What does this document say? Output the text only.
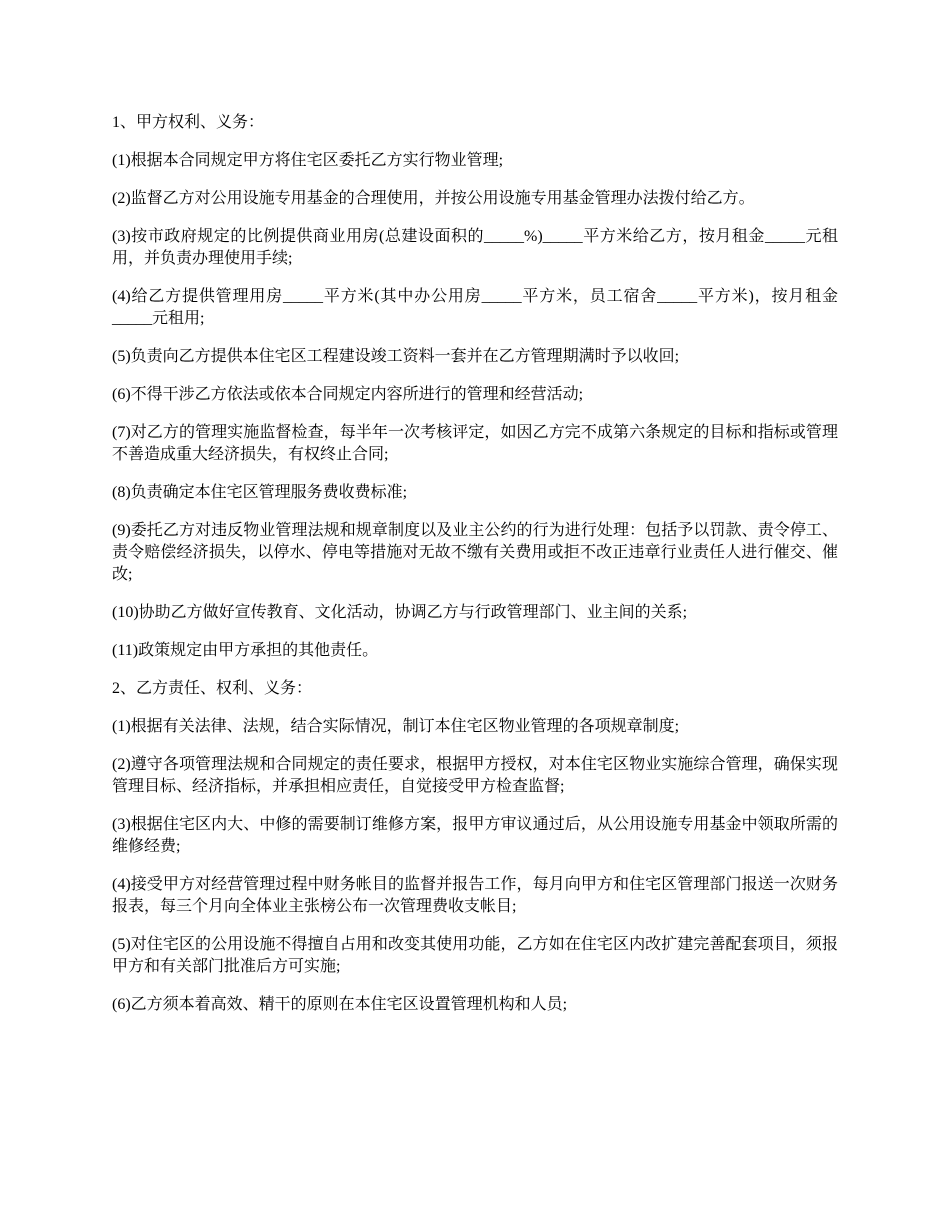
1、甲方权利、义务：

(1)根据本合同规定甲方将住宅区委托乙方实行物业管理;

(2)监督乙方对公用设施专用基金的合理使用，并按公用设施专用基金管理办法拨付给乙方。

(3)按市政府规定的比例提供商业用房(总建设面积的_____%)_____平方米给乙方，按月租金_____元租用，并负责办理使用手续;

(4)给乙方提供管理用房_____平方米(其中办公用房_____平方米，员工宿舍_____平方米)，按月租金_____元租用;

(5)负责向乙方提供本住宅区工程建设竣工资料一套并在乙方管理期满时予以收回;

(6)不得干涉乙方依法或依本合同规定内容所进行的管理和经营活动;

(7)对乙方的管理实施监督检查，每半年一次考核评定，如因乙方完不成第六条规定的目标和指标或管理不善造成重大经济损失，有权终止合同;

(8)负责确定本住宅区管理服务费收费标准;

(9)委托乙方对违反物业管理法规和规章制度以及业主公约的行为进行处理：包括予以罚款、责令停工、责令赔偿经济损失，以停水、停电等措施对无故不缴有关费用或拒不改正违章行业责任人进行催交、催改;

(10)协助乙方做好宣传教育、文化活动，协调乙方与行政管理部门、业主间的关系;

(11)政策规定由甲方承担的其他责任。

2、乙方责任、权利、义务：

(1)根据有关法律、法规，结合实际情况，制订本住宅区物业管理的各项规章制度;

(2)遵守各项管理法规和合同规定的责任要求，根据甲方授权，对本住宅区物业实施综合管理，确保实现管理目标、经济指标，并承担相应责任，自觉接受甲方检查监督;

(3)根据住宅区内大、中修的需要制订维修方案，报甲方审议通过后，从公用设施专用基金中领取所需的维修经费;

(4)接受甲方对经营管理过程中财务帐目的监督并报告工作，每月向甲方和住宅区管理部门报送一次财务报表，每三个月向全体业主张榜公布一次管理费收支帐目;

(5)对住宅区的公用设施不得擅自占用和改变其使用功能，乙方如在住宅区内改扩建完善配套项目，须报甲方和有关部门批准后方可实施;

(6)乙方须本着高效、精干的原则在本住宅区设置管理机构和人员;
